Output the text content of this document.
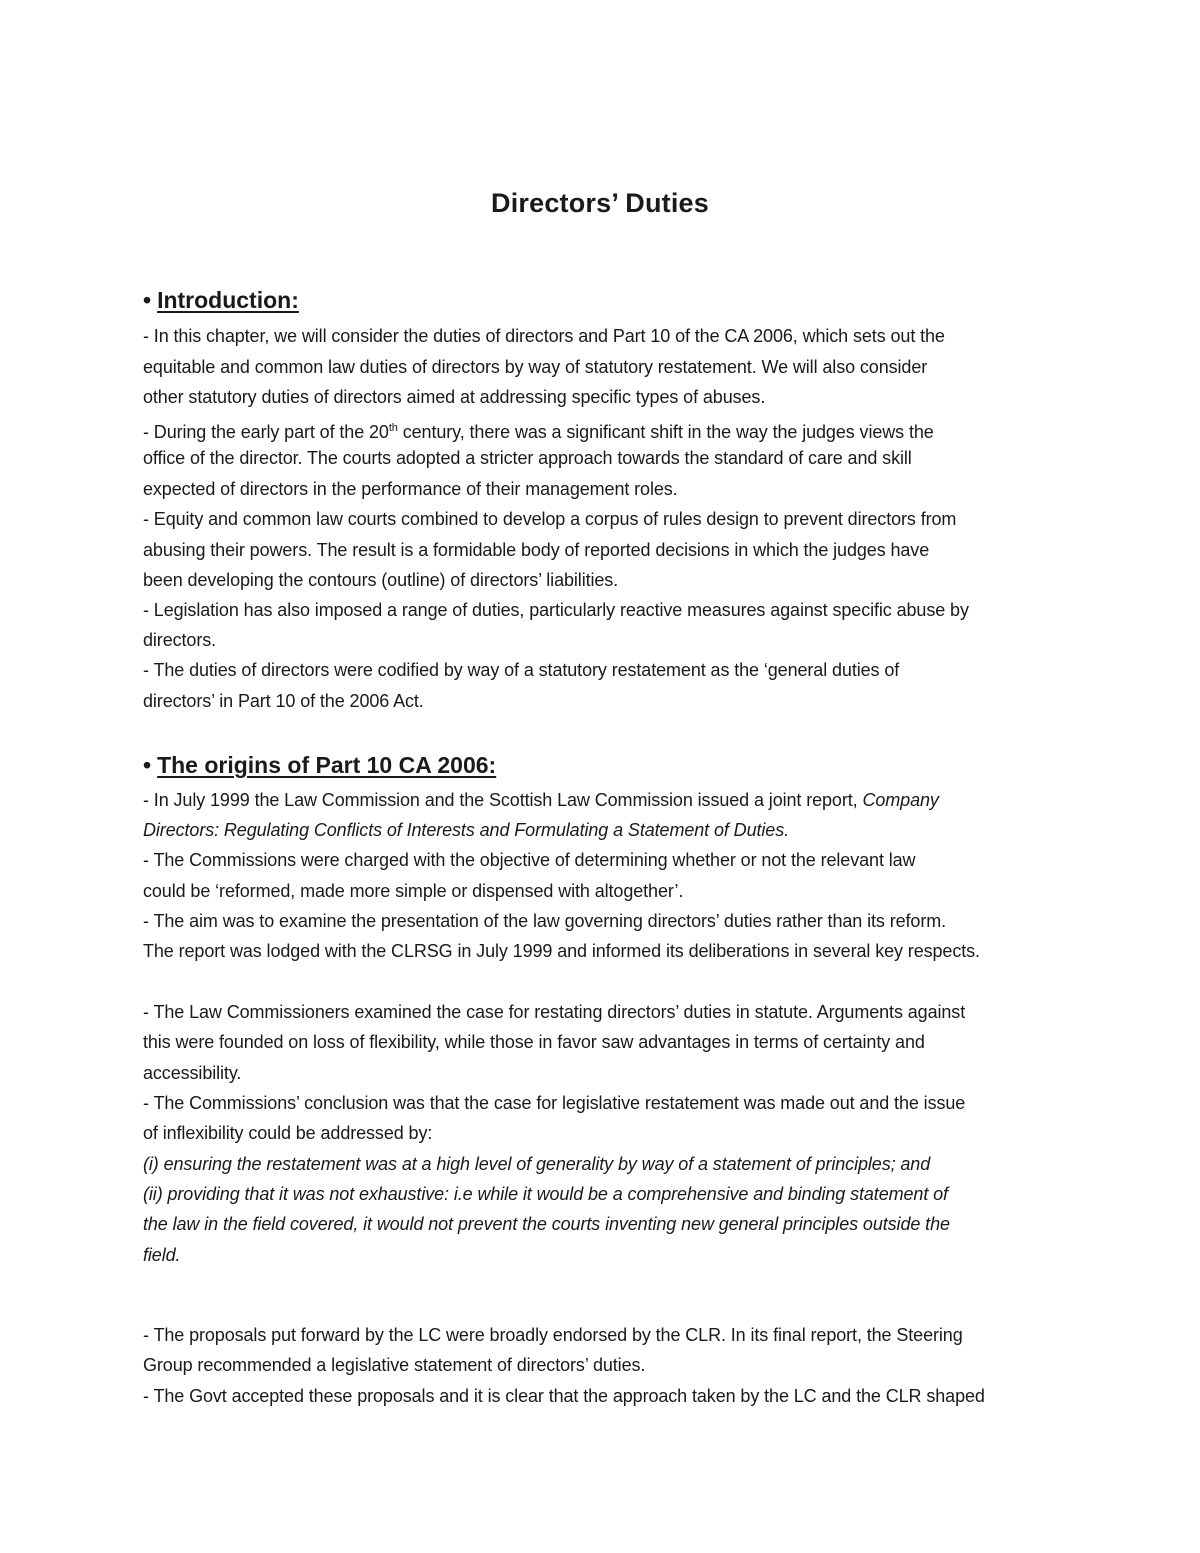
Directors’ Duties
• Introduction:
- In this chapter, we will consider the duties of directors and Part 10 of the CA 2006, which sets out the
equitable and common law duties of directors by way of statutory restatement. We will also consider
other statutory duties of directors aimed at addressing specific types of abuses.
- During the early part of the 20th century, there was a significant shift in the way the judges views the
office of the director. The courts adopted a stricter approach towards the standard of care and skill
expected of directors in the performance of their management roles.
- Equity and common law courts combined to develop a corpus of rules design to prevent directors from
abusing their powers. The result is a formidable body of reported decisions in which the judges have
been developing the contours (outline) of directors’ liabilities.
- Legislation has also imposed a range of duties, particularly reactive measures against specific abuse by
directors.
- The duties of directors were codified by way of a statutory restatement as the ‘general duties of
directors’ in Part 10 of the 2006 Act.
• The origins of Part 10 CA 2006:
- In July 1999 the Law Commission and the Scottish Law Commission issued a joint report, Company
Directors: Regulating Conflicts of Interests and Formulating a Statement of Duties.
- The Commissions were charged with the objective of determining whether or not the relevant law
could be ‘reformed, made more simple or dispensed with altogether’.
- The aim was to examine the presentation of the law governing directors’ duties rather than its reform.
The report was lodged with the CLRSG in July 1999 and informed its deliberations in several key respects.
- The Law Commissioners examined the case for restating directors’ duties in statute. Arguments against
this were founded on loss of flexibility, while those in favor saw advantages in terms of certainty and
accessibility.
- The Commissions’ conclusion was that the case for legislative restatement was made out and the issue
of inflexibility could be addressed by:
(i) ensuring the restatement was at a high level of generality by way of a statement of principles; and
(ii) providing that it was not exhaustive: i.e while it would be a comprehensive and binding statement of
the law in the field covered, it would not prevent the courts inventing new general principles outside the
field.
- The proposals put forward by the LC were broadly endorsed by the CLR. In its final report, the Steering
Group recommended a legislative statement of directors’ duties.
- The Govt accepted these proposals and it is clear that the approach taken by the LC and the CLR shaped
